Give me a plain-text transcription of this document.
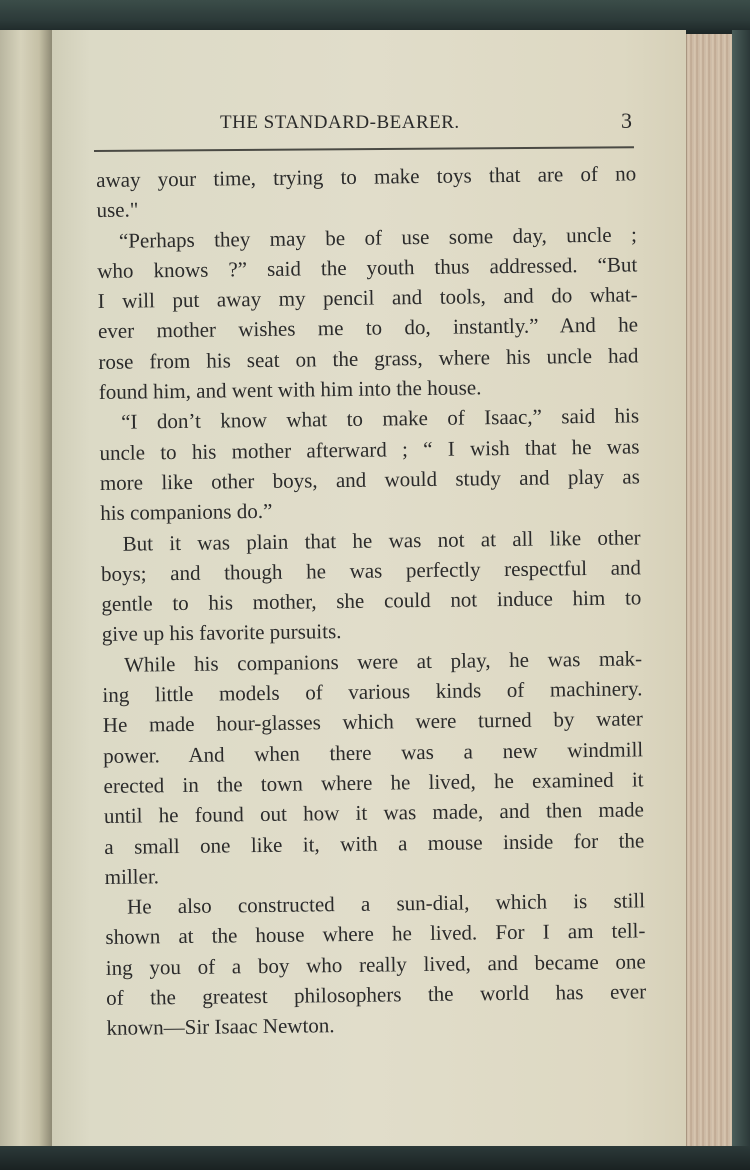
THE STANDARD-BEARER.	3
away your time, trying to make toys that are of no
use."
“Perhaps they may be of use some day, uncle ;
who knows ?” said the youth thus addressed. “But
I will put away my pencil and tools, and do what-
ever mother wishes me to do, instantly.” And he
rose from his seat on the grass, where his uncle had
found him, and went with him into the house.
“I don’t know what to make of Isaac,” said his
uncle to his mother afterward ; “ I wish that he was
more like other boys, and would study and play as
his companions do.”
But it was plain that he was not at all like other
boys; and though he was perfectly respectful and
gentle to his mother, she could not induce him to
give up his favorite pursuits.
While his companions were at play, he was mak-
ing little models of various kinds of machinery.
He made hour-glasses which were turned by water
power. And when there was a new windmill
erected in the town where he lived, he examined it
until he found out how it was made, and then made
a small one like it, with a mouse inside for the
miller.
He also constructed a sun-dial, which is still
shown at the house where he lived. For I am tell-
ing you of a boy who really lived, and became one
of the greatest philosophers the world has ever
known—Sir Isaac Newton.
